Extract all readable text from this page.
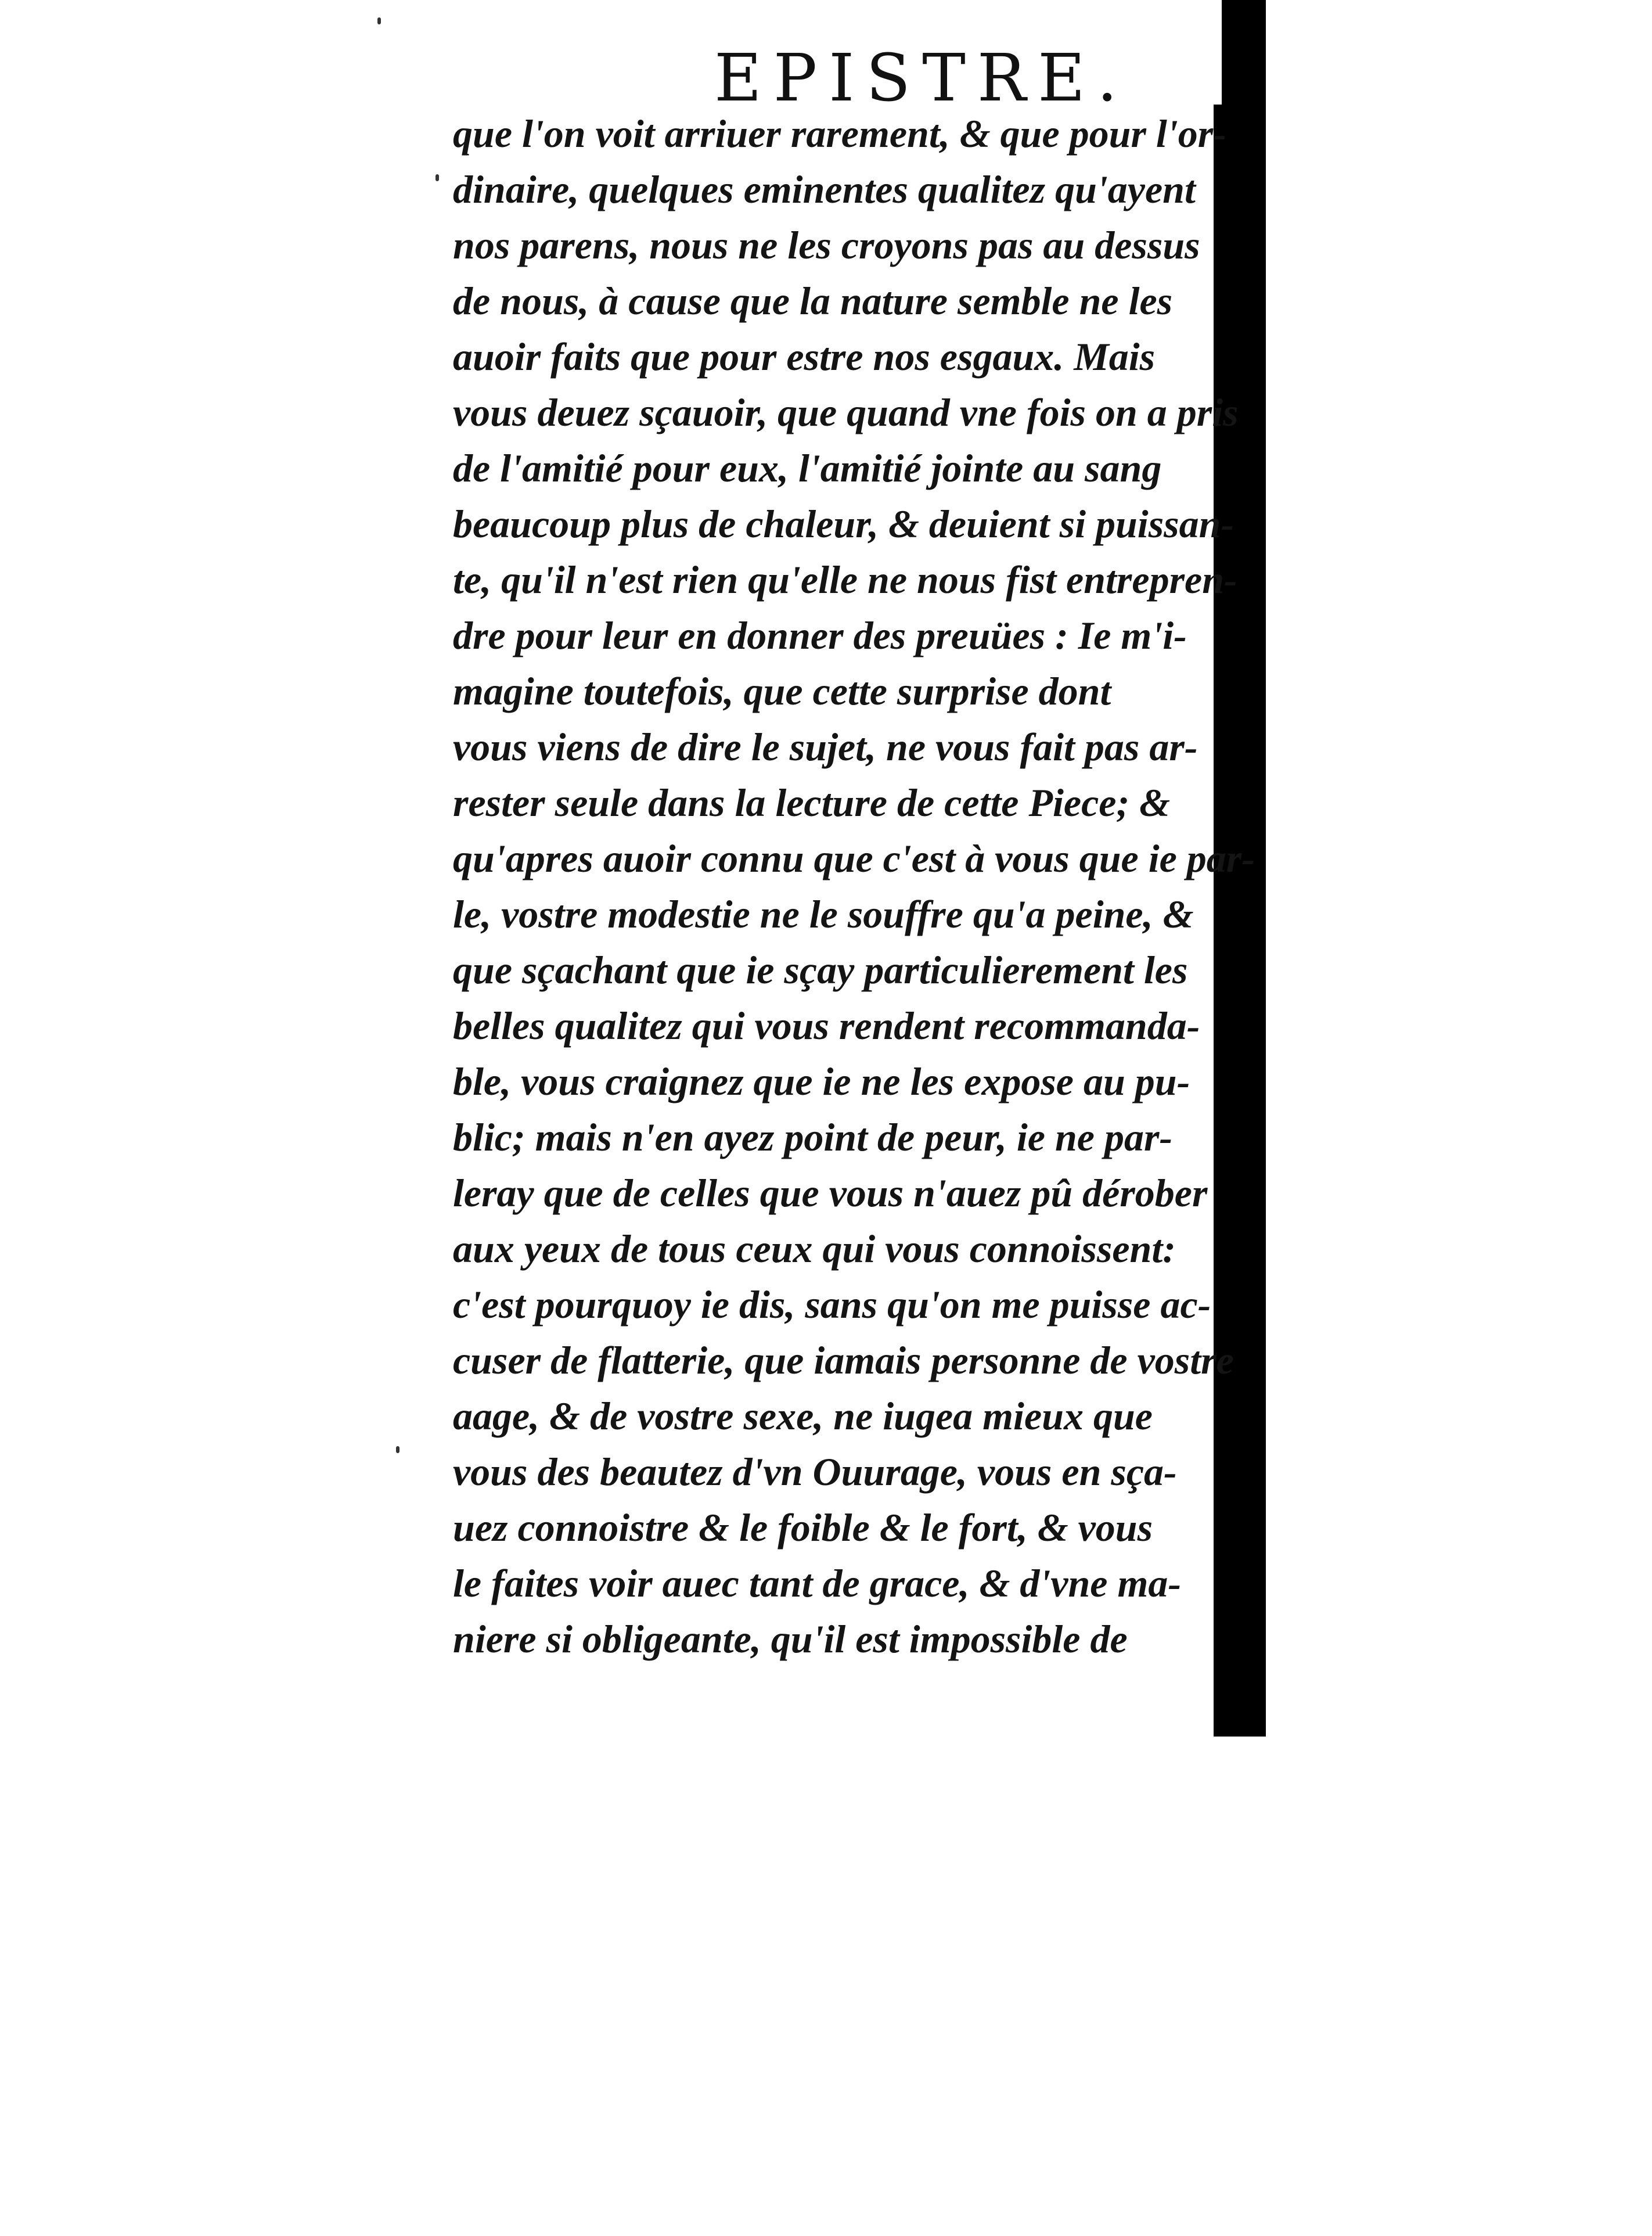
EPISTRE.
que l'on voit arriuer rarement, & que pour l'or-
dinaire, quelques eminentes qualitez qu'ayent
nos parens, nous ne les croyons pas au dessus
de nous, à cause que la nature semble ne les
auoir faits que pour estre nos esgaux. Mais
vous deuez sçauoir, que quand vne fois on a pris
de l'amitié pour eux, l'amitié jointe au sang
beaucoup plus de chaleur, & deuient si puissan-
te, qu'il n'est rien qu'elle ne nous fist entrepren-
dre pour leur en donner des preuües : Ie m'i-
magine toutefois, que cette surprise dont
vous viens de dire le sujet, ne vous fait pas ar-
rester seule dans la lecture de cette Piece; &
qu'apres auoir connu que c'est à vous que ie par-
le, vostre modestie ne le souffre qu'a peine, &
que sçachant que ie sçay particulierement les
belles qualitez qui vous rendent recommanda-
ble, vous craignez que ie ne les expose au pu-
blic; mais n'en ayez point de peur, ie ne par-
leray que de celles que vous n'auez pû dérober
aux yeux de tous ceux qui vous connoissent:
c'est pourquoy ie dis, sans qu'on me puisse ac-
cuser de flatterie, que iamais personne de vostre
aage, & de vostre sexe, ne iugea mieux que
vous des beautez d'vn Ouurage, vous en sça-
uez connoistre & le foible & le fort, & vous
le faites voir auec tant de grace, & d'vne ma-
niere si obligeante, qu'il est impossible de
